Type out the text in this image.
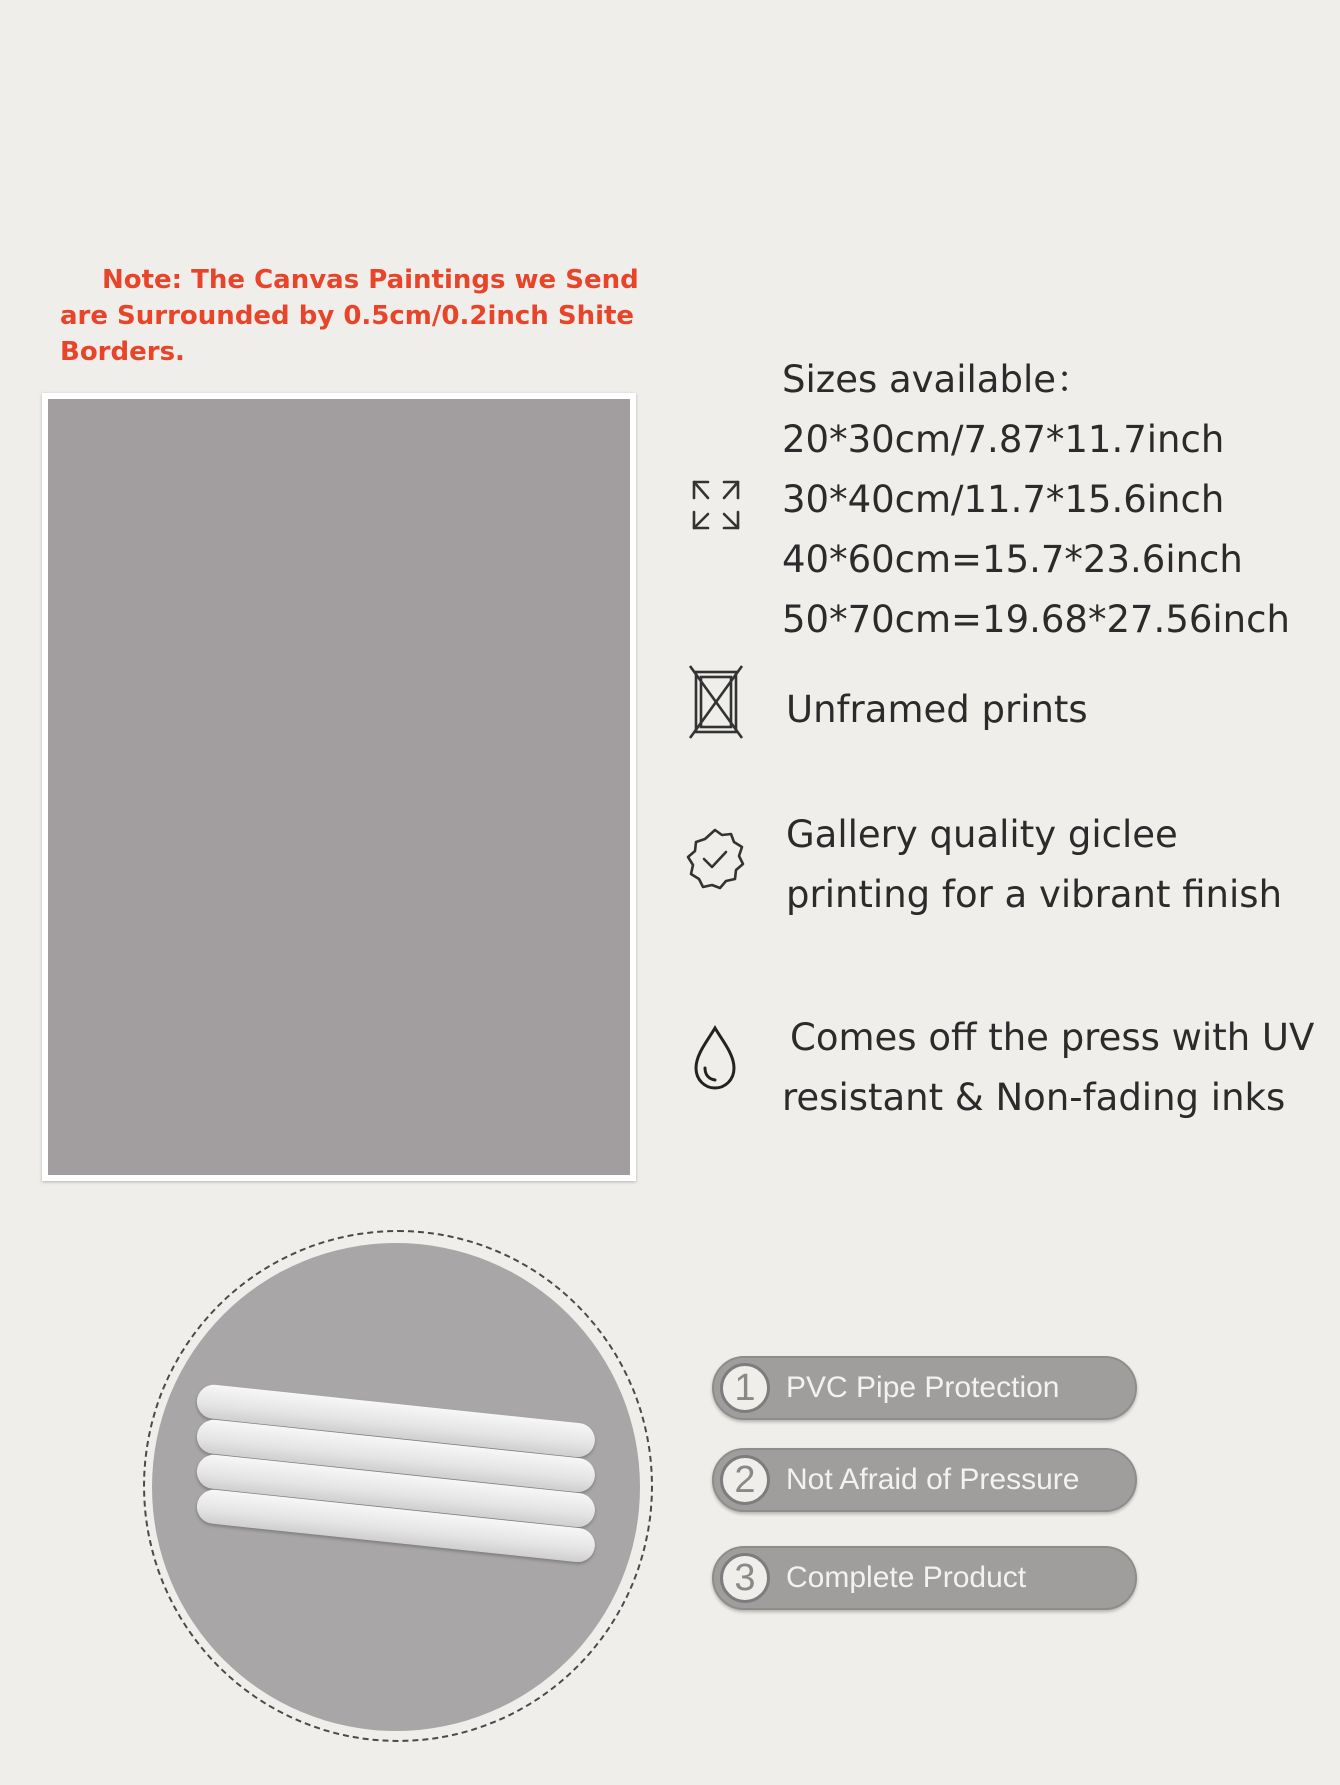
Note: The Canvas Paintings we Send are Surrounded by 0.5cm/0.2inch Shite Borders.
Sizes available：
20*30cm/7.87*11.7inch
30*40cm/11.7*15.6inch
40*60cm=15.7*23.6inch
50*70cm=19.68*27.56inch
Unframed prints
Gallery quality giclee
printing for a vibrant finish
Comes off the press with UV
resistant & Non-fading inks
1	PVC Pipe Protection
2	Not Afraid of Pressure
3	Complete Product
